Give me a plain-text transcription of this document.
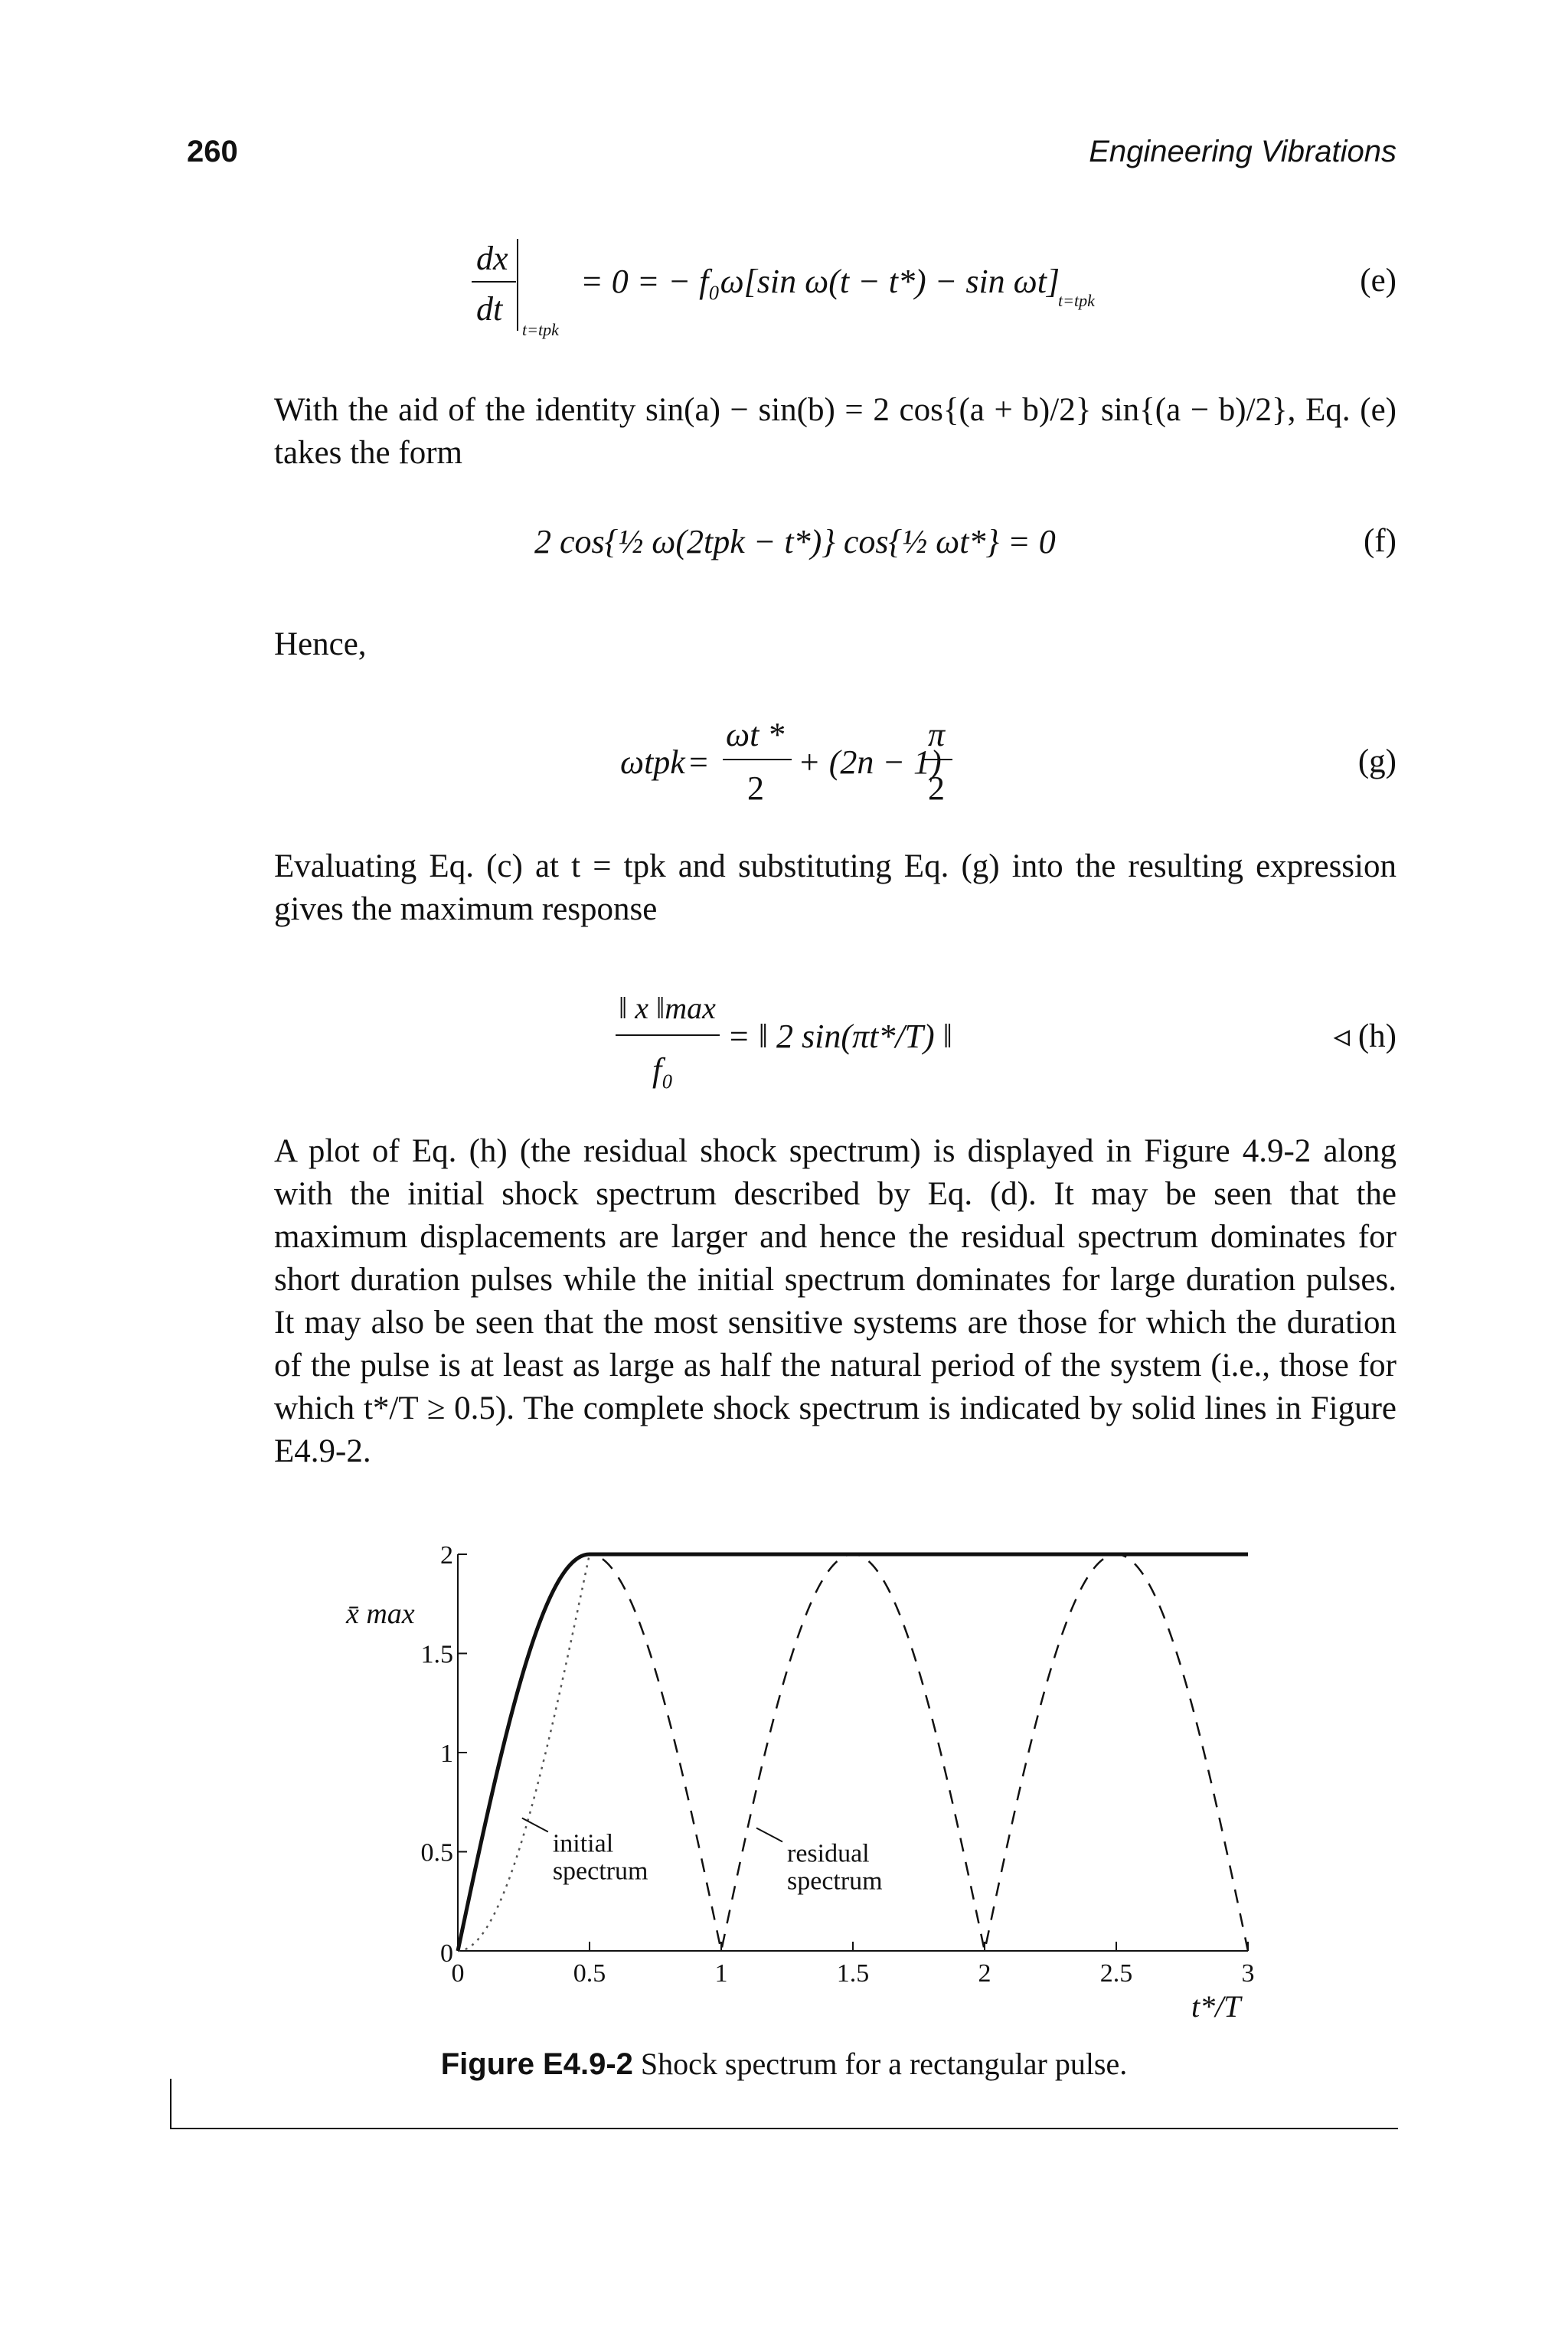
260	Engineering Vibrations
dx
dt
t=tpk
= 0 = − f₀ω[sin ω(t − t*) − sin ωt]
t=tpk
2 cos{½ ω(2tpk − t*)} cos{½ ωt*} = 0
ωtpk =
ωt *
2
+ (2n − 1)
π
2
‖ x ‖max
f₀
= ‖ 2 sin(πt*/T) ‖
(e)
(f)
(g)
◃ (h)

With the aid of the identity sin(a) − sin(b) = 2 cos{(a + b)/2} sin{(a − b)/2}, Eq. (e) takes the form

Hence,

Evaluating Eq. (c) at t = tpk and substituting Eq. (g) into the resulting expression gives the maximum response

A plot of Eq. (h) (the residual shock spectrum) is displayed in Figure 4.9-2 along with the initial shock spectrum described by Eq. (d). It may be seen that the maximum displacements are larger and hence the residual spectrum dominates for short duration pulses while the initial spectrum dominates for large duration pulses. It may also be seen that the most sensitive systems are those for which the duration of the pulse is at least as large as half the natural period of the system (i.e., those for which t*/T ≥ 0.5). The complete shock spectrum is indicated by solid lines in Figure E4.9-2.

0	0.5	1	1.5	2	2.5	3
0
0.5
1
1.5
2
x̄ max
t*/T
initial
spectrum
residual
spectrum
Figure E4.9-2 Shock spectrum for a rectangular pulse.
